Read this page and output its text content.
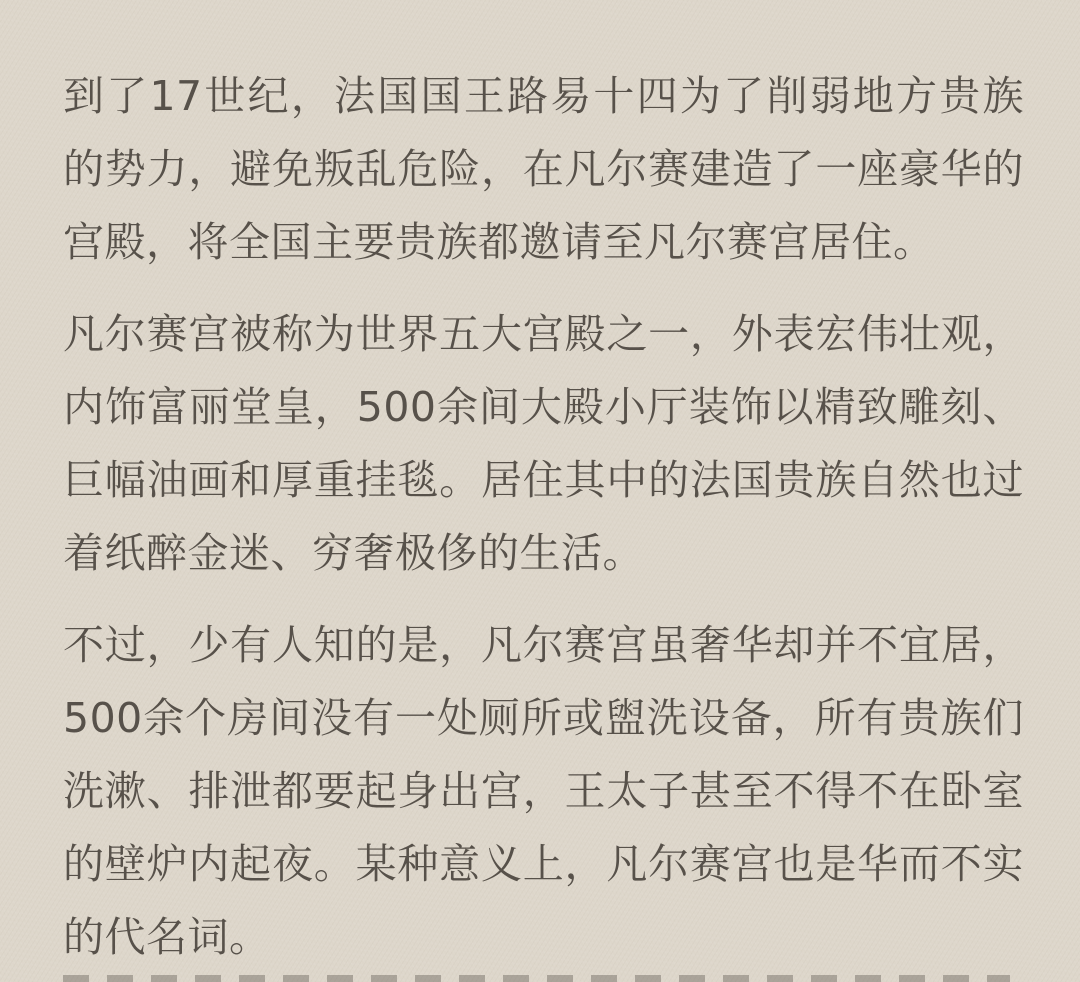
到了17世纪，法国国王路易十四为了削弱地方贵族的势力，避免叛乱危险，在凡尔赛建造了一座豪华的宫殿，将全国主要贵族都邀请至凡尔赛宫居住。

凡尔赛宫被称为世界五大宫殿之一，外表宏伟壮观，内饰富丽堂皇，500余间大殿小厅装饰以精致雕刻、巨幅油画和厚重挂毯。居住其中的法国贵族自然也过着纸醉金迷、穷奢极侈的生活。

不过，少有人知的是，凡尔赛宫虽奢华却并不宜居，500余个房间没有一处厕所或盥洗设备，所有贵族们洗漱、排泄都要起身出宫，王太子甚至不得不在卧室的壁炉内起夜。某种意义上，凡尔赛宫也是华而不实的代名词。
